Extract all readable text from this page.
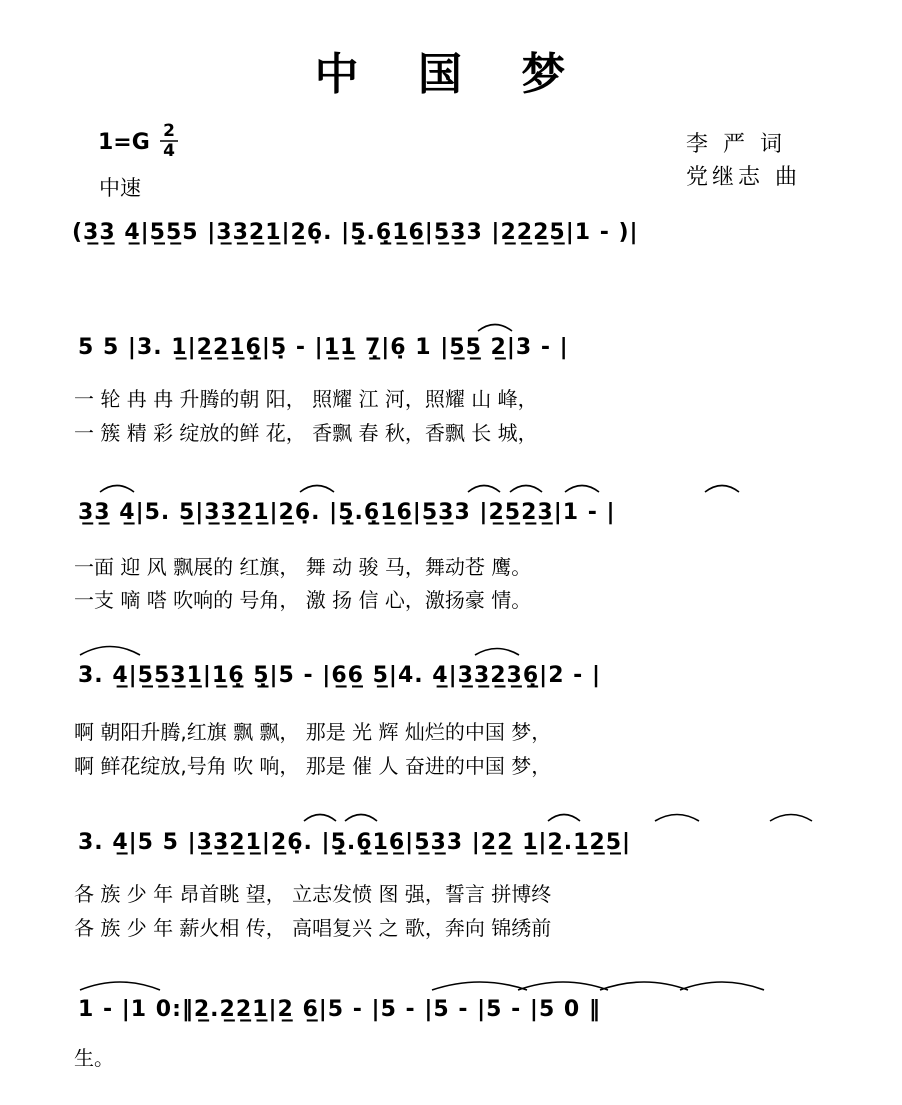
中 国 梦
1=G 2
4
中速
李 严 词
党继志 曲
(3̲3̲ 4̲|5̲5̲5 |3̲3̲2̲1̲|2̲6̣. |5̣̲.6̣̲1̲6̲|5̲3̲3 |2̲2̲2̲5̲|1 - )|
5 5 |3. 1̲|2̲2̲1̲6̣̲|5̣ - |1̲1̲ 7̣̲|6̣ 1 |5̲5̲ 2̲|3 - |
一 轮 冉 冉 升腾的朝 阳， 照耀 江 河，照耀 山 峰，
一 簇 精 彩 绽放的鲜 花， 香飘 春 秋，香飘 长 城，
3̲3̲ 4̲|5. 5̲|3̲3̲2̲1̲|2̲6̣. |5̣̲.6̣̲1̲6̲|5̲3̲3 |2̲5̲2̲3̲|1 - |
一面 迎 风 飘展的 红旗， 舞 动 骏 马，舞动苍 鹰。
一支 嘀 嗒 吹响的 号角， 激 扬 信 心，激扬豪 情。
3. 4̲|5̲5̲3̲1̲|1̲6̣̲ 5̣̲|5 - |6̲6̲ 5̲|4. 4̲|3̲3̲2̲3̲6̣̲|2 - |
啊 朝阳升腾,红旗 飘 飘， 那是 光 辉 灿烂的中国 梦，
啊 鲜花绽放,号角 吹 响， 那是 催 人 奋进的中国 梦，
3. 4̲|5 5 |3̲3̲2̲1̲|2̲6̣. |5̣̲.6̣̲1̲6̲|5̲3̲3 |2̲2̲ 1̲|2̲.1̲2̲5̲|
各 族 少 年 昂首眺 望， 立志发愤 图 强，誓言 拼博终
各 族 少 年 薪火相 传， 高唱复兴 之 歌，奔向 锦绣前
1 - |1 0:‖2̲.2̲2̲1̲|2̲ 6̲|5 - |5 - |5 - |5 - |5 0 ‖
生。
